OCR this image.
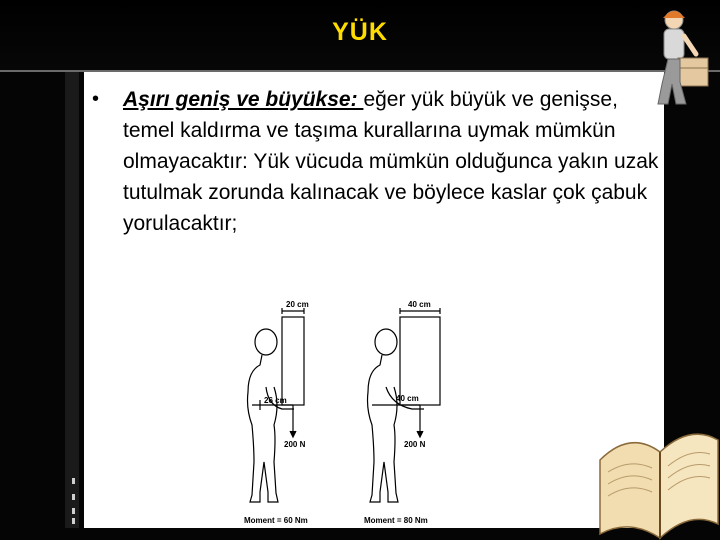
YÜK
• Aşırı geniş ve büyükse: eğer yük büyük ve genişse, temel kaldırma ve taşıma kurallarına uymak mümkün olmayacaktır: Yük vücuda mümkün olduğunca yakın uzak tutulmak zorunda kalınacak ve böylece kaslar çok çabuk yorulacaktır;
20 cm
26 cm
200 N
Moment = 60 Nm
40 cm
40 cm
200 N
Moment = 80 Nm
